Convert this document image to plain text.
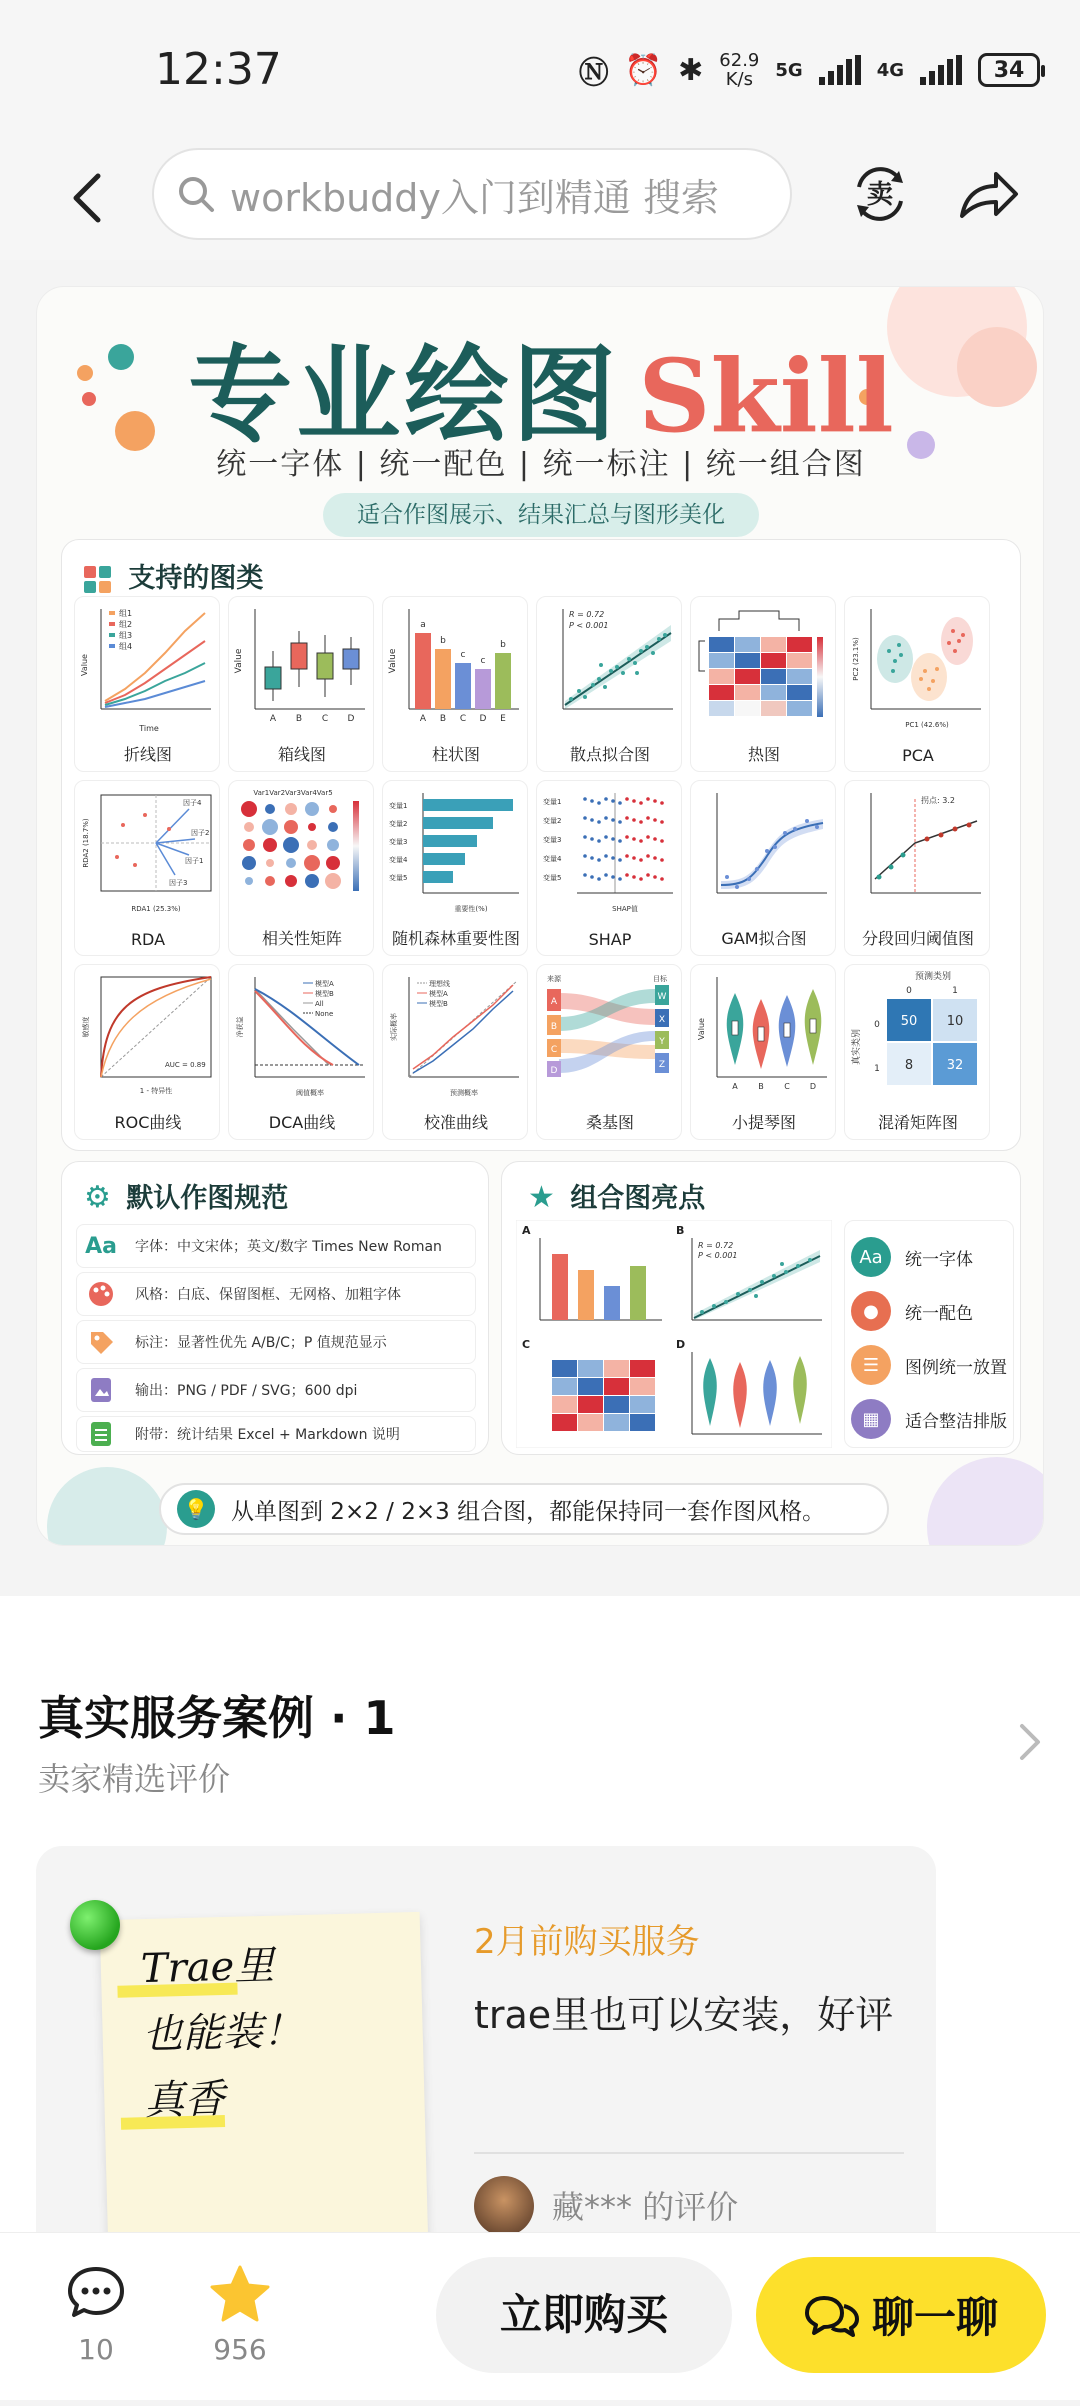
12:37	Ⓝ ⏰ ✱ 62.9
K/s	5G	4G	34
workbuddy入门到精通 搜索	卖
专业绘图 Skill
统一字体 | 统一配色 | 统一标注 | 统一组合图
适合作图展示、结果汇总与图形美化
支持的图类
组1
组2
组3
组4
Time
Value
折线图
A B C D
Value
箱线图
a
b
c
c
b
A B C D E
Value
柱状图
R = 0.72
P < 0.001
散点拟合图	热图
PC1 (42.6%)
PC2 (23.1%)
PCA
因子4
因子2
因子1
因子3
RDA1 (25.3%)
RDA2 (18.7%)
RDA
Var1Var2Var3Var4Var5
相关性矩阵
变量1
变量2
变量3
变量4
变量5
重要性(%)
随机森林重要性图
变量1
变量2
变量3
变量4
变量5
SHAP值
SHAP	GAM拟合图
拐点: 3.2
分段回归阈值图
AUC = 0.89
1 - 特异性
敏感度
ROC曲线
模型A
模型B
All
None
阈值概率
净获益
DCA曲线
理想线
模型A
模型B
预测概率
实际概率
校准曲线
A
B
C
D
W
X
Y
Z
来源	目标
桑基图
A	B	C	D
Value
小提琴图
预测类别
0	1
0
1
真实类别
50 10
8	32
混淆矩阵图
⚙ 默认作图规范
Aa 字体：中文宋体；英文/数字 Times New Roman
风格：白底、保留图框、无网格、加粗字体
标注：显著性优先 A/B/C；P 值规范显示
输出：PNG / PDF / SVG；600 dpi
附带：统计结果 Excel + Markdown 说明
★ 组合图亮点
A	B
C	D
R = 0.72
P < 0.001	Aa	统一字体
●	统一配色
☰	图例统一放置
▦	适合整洁排版
💡 从单图到 2×2 / 2×3 组合图，都能保持同一套作图风格。
真实服务案例 · 1
卖家精选评价
Trae里
也能装！
真香
2月前购买服务
trae里也可以安装，好评
藏*** 的评价
10	956
立即购买	聊一聊
